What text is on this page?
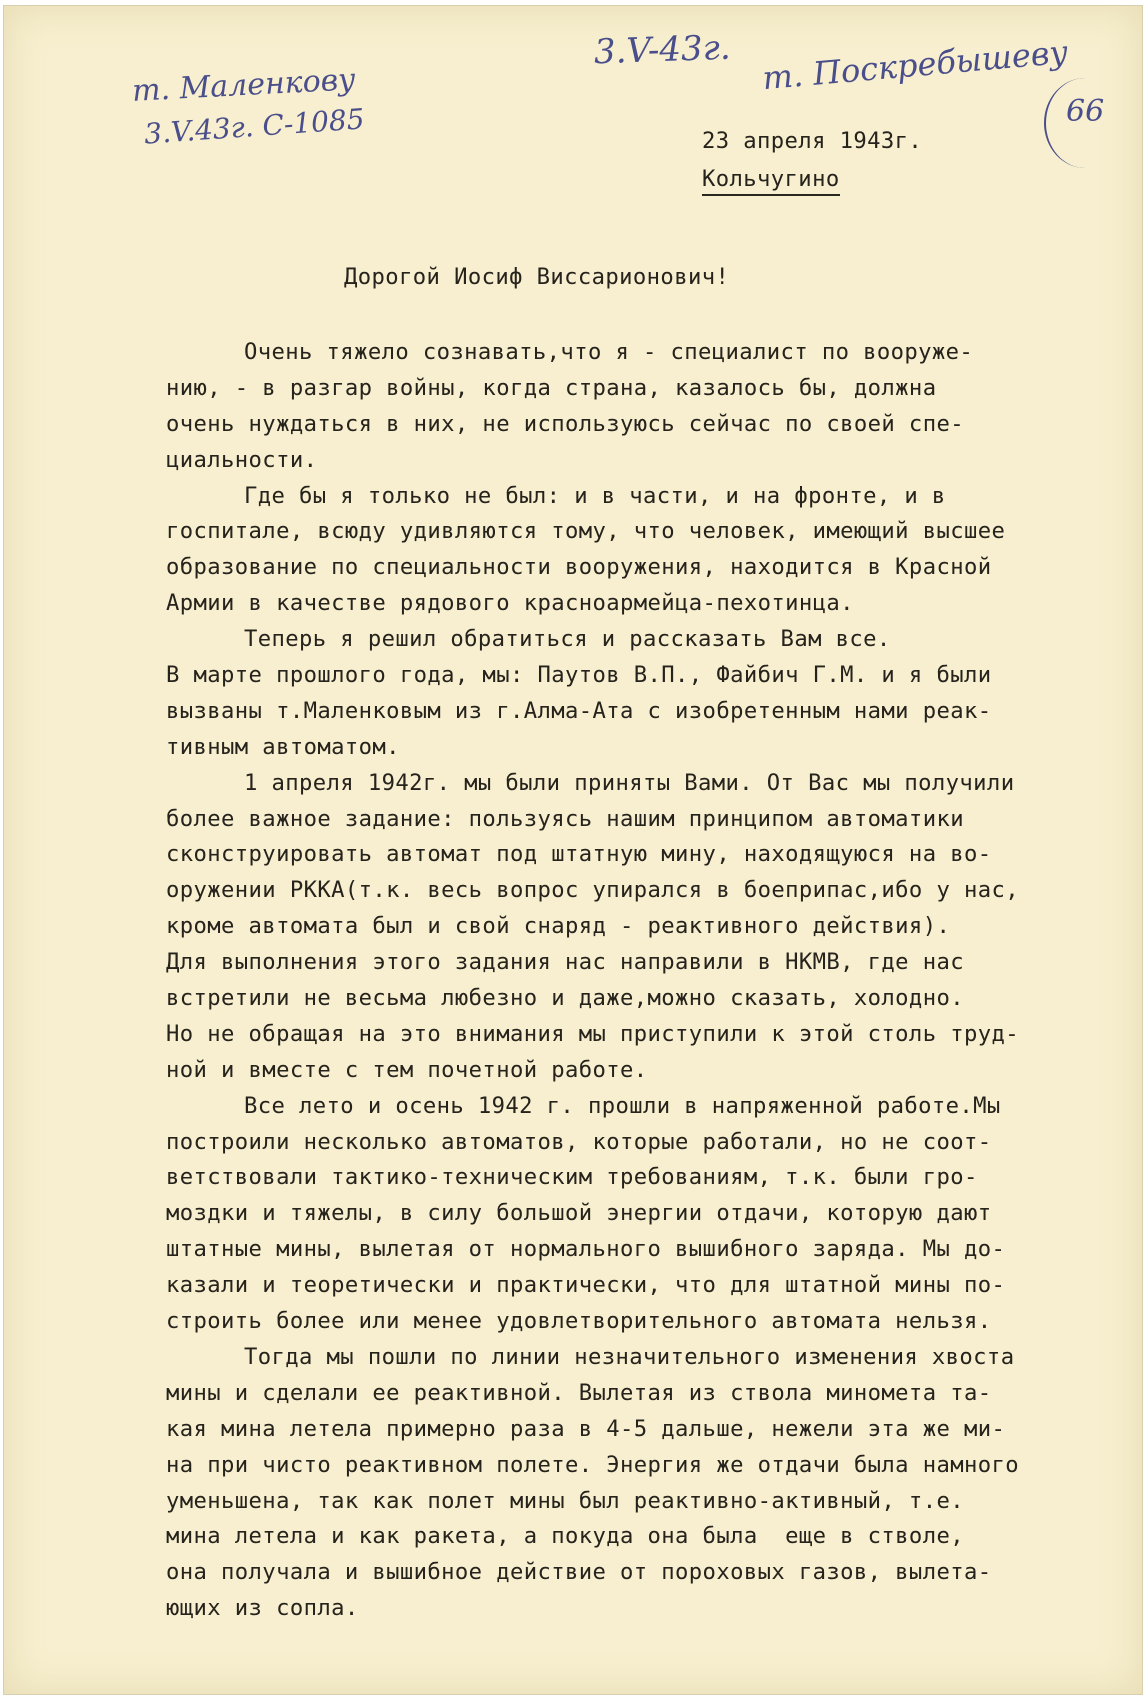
т. Маленкову
3.V.43г. С-1085
3.V-43г. т. Поскребышеву
66
23 апреля 1943г.
Кольчугино
Дорогой Иосиф Виссарионович!
Очень тяжело сознавать,что я - специалист по вооруже-
нию, - в разгар войны, когда страна, казалось бы, должна
очень нуждаться в них, не используюсь сейчас по своей спе-
циальности.
Где бы я только не был: и в части, и на фронте, и в
госпитале, всюду удивляются тому, что человек, имеющий высшее
образование по специальности вооружения, находится в Красной
Армии в качестве рядового красноармейца-пехотинца.
Теперь я решил обратиться и рассказать Вам все.
В марте прошлого года, мы: Паутов В.П., Файбич Г.М. и я были
вызваны т.Маленковым из г.Алма-Ата с изобретенным нами реак-
тивным автоматом.
1 апреля 1942г. мы были приняты Вами. От Вас мы получили
более важное задание: пользуясь нашим принципом автоматики
сконструировать автомат под штатную мину, находящуюся на во-
оружении РККА(т.к. весь вопрос упирался в боеприпас,ибо у нас,
кроме автомата был и свой снаряд - реактивного действия).
Для выполнения этого задания нас направили в НКМВ, где нас
встретили не весьма любезно и даже,можно сказать, холодно.
Но не обращая на это внимания мы приступили к этой столь труд-
ной и вместе с тем почетной работе.
Все лето и осень 1942 г. прошли в напряженной работе.Мы
построили несколько автоматов, которые работали, но не соот-
ветствовали тактико-техническим требованиям, т.к. были гро-
моздки и тяжелы, в силу большой энергии отдачи, которую дают
штатные мины, вылетая от нормального вышибного заряда. Мы до-
казали и теоретически и практически, что для штатной мины по-
строить более или менее удовлетворительного автомата нельзя.
Тогда мы пошли по линии незначительного изменения хвоста
мины и сделали ее реактивной. Вылетая из ствола миномета та-
кая мина летела примерно раза в 4-5 дальше, нежели эта же ми-
на при чисто реактивном полете. Энергия же отдачи была намного
уменьшена, так как полет мины был реактивно-активный, т.е.
мина летела и как ракета, а покуда она была  еще в стволе,
она получала и вышибное действие от пороховых газов, вылета-
ющих из сопла.
